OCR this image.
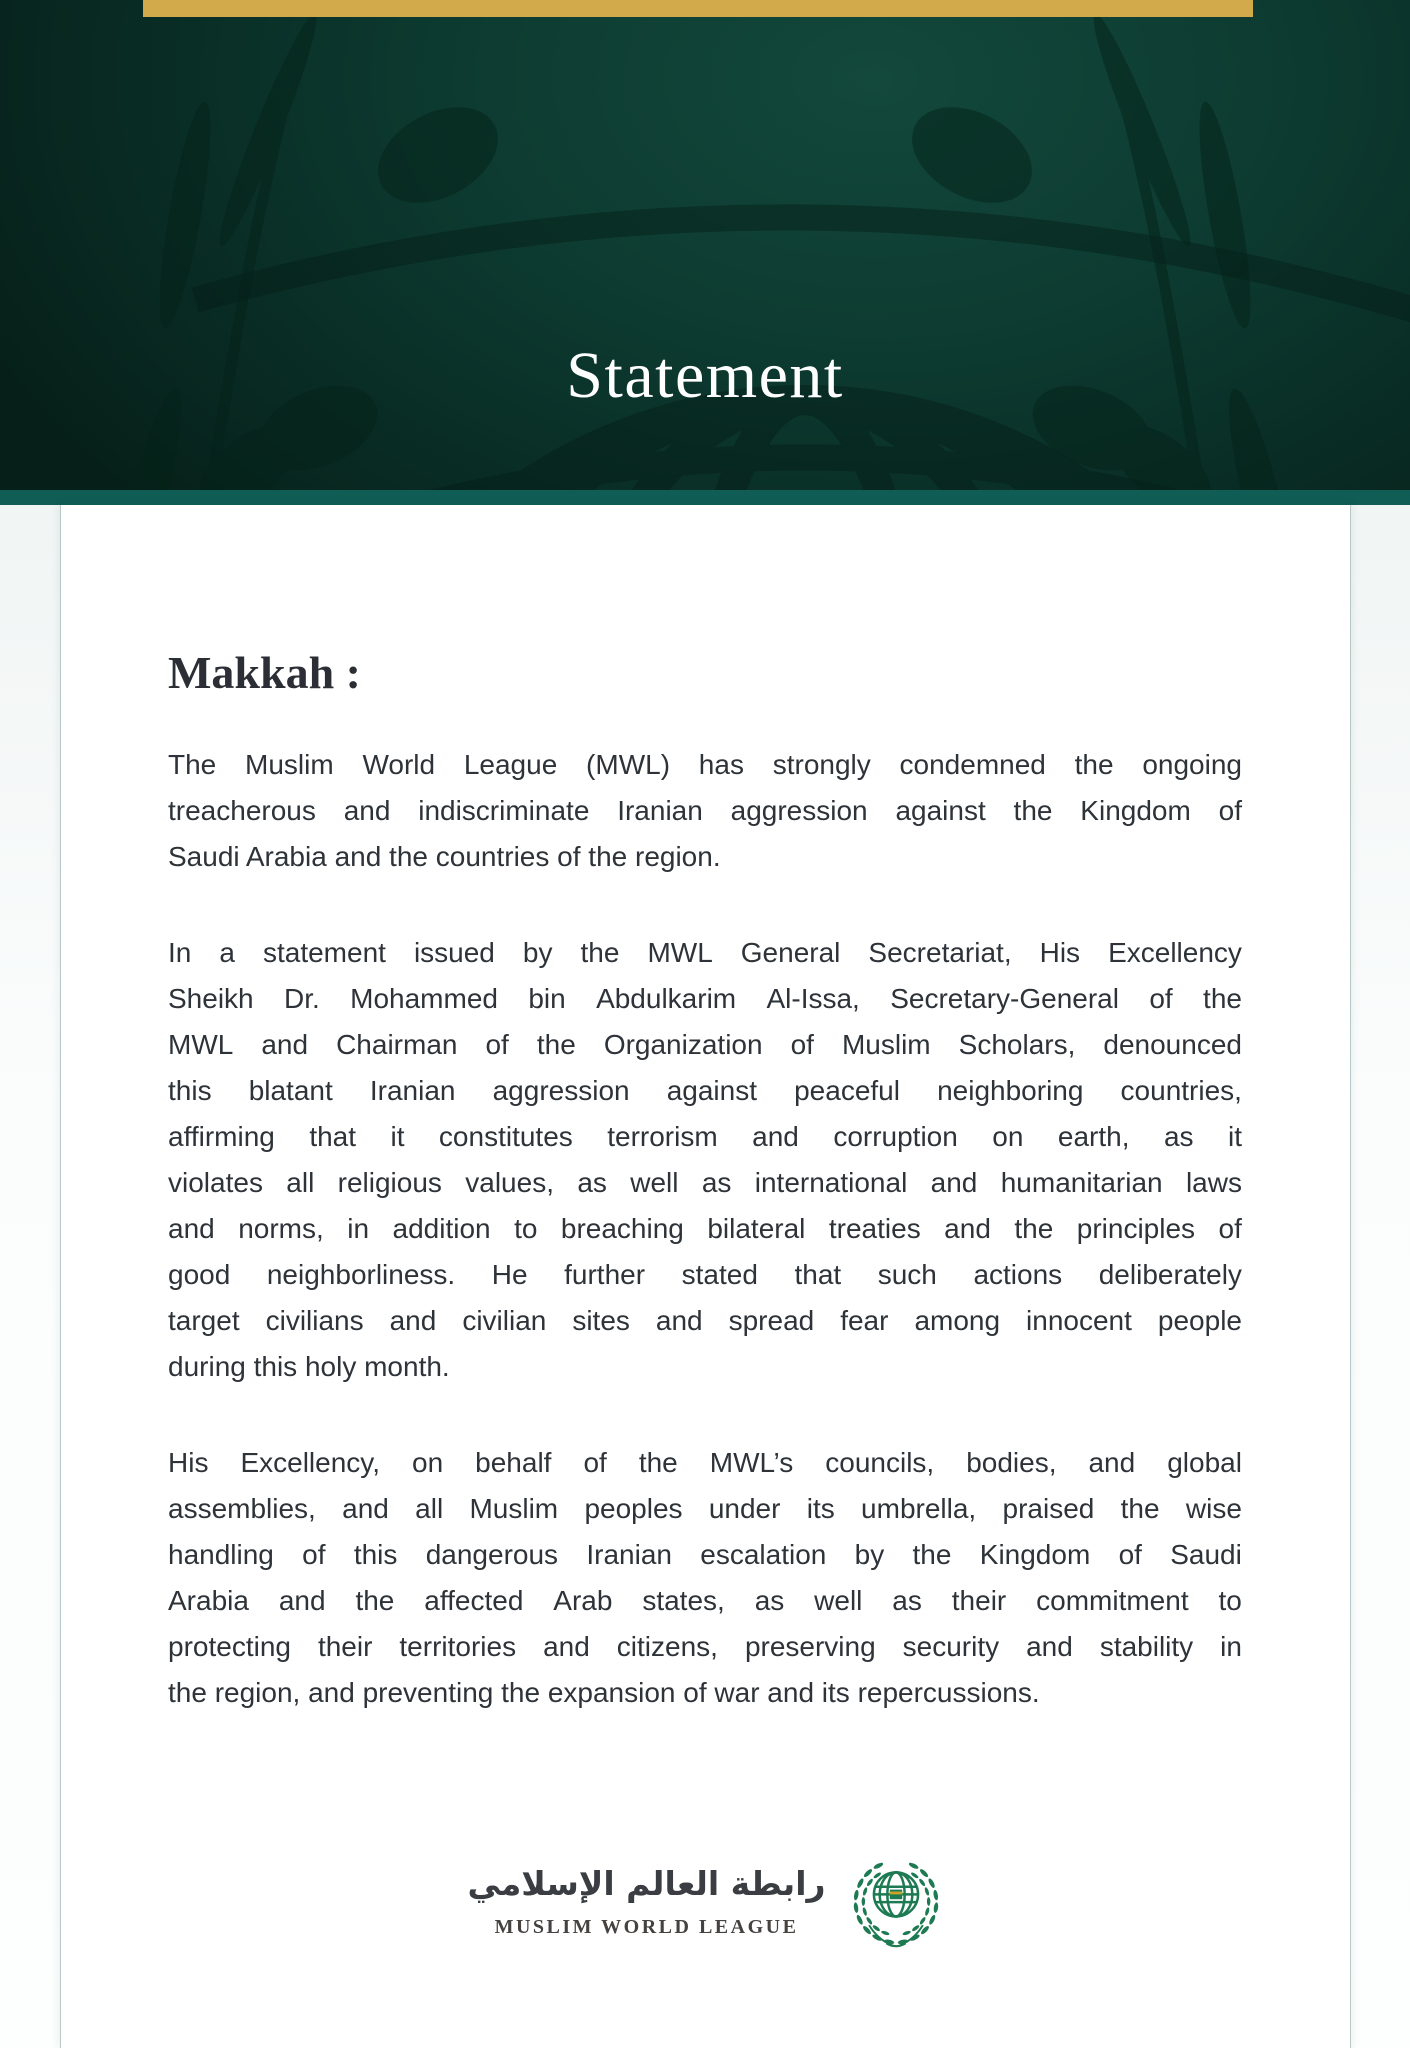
Statement
Makkah :
The Muslim World League (MWL) has strongly condemned the ongoing
treacherous and indiscriminate Iranian aggression against the Kingdom of
Saudi Arabia and the countries of the region.
In a statement issued by the MWL General Secretariat, His Excellency
Sheikh Dr. Mohammed bin Abdulkarim Al-Issa, Secretary-General of the
MWL and Chairman of the Organization of Muslim Scholars, denounced
this blatant Iranian aggression against peaceful neighboring countries,
affirming that it constitutes terrorism and corruption on earth, as it
violates all religious values, as well as international and humanitarian laws
and norms, in addition to breaching bilateral treaties and the principles of
good neighborliness. He further stated that such actions deliberately
target civilians and civilian sites and spread fear among innocent people
during this holy month.
His Excellency, on behalf of the MWL’s councils, bodies, and global
assemblies, and all Muslim peoples under its umbrella, praised the wise
handling of this dangerous Iranian escalation by the Kingdom of Saudi
Arabia and the affected Arab states, as well as their commitment to
protecting their territories and citizens, preserving security and stability in
the region, and preventing the expansion of war and its repercussions.
رابطة العالم الإسلامي
MUSLIM WORLD LEAGUE
